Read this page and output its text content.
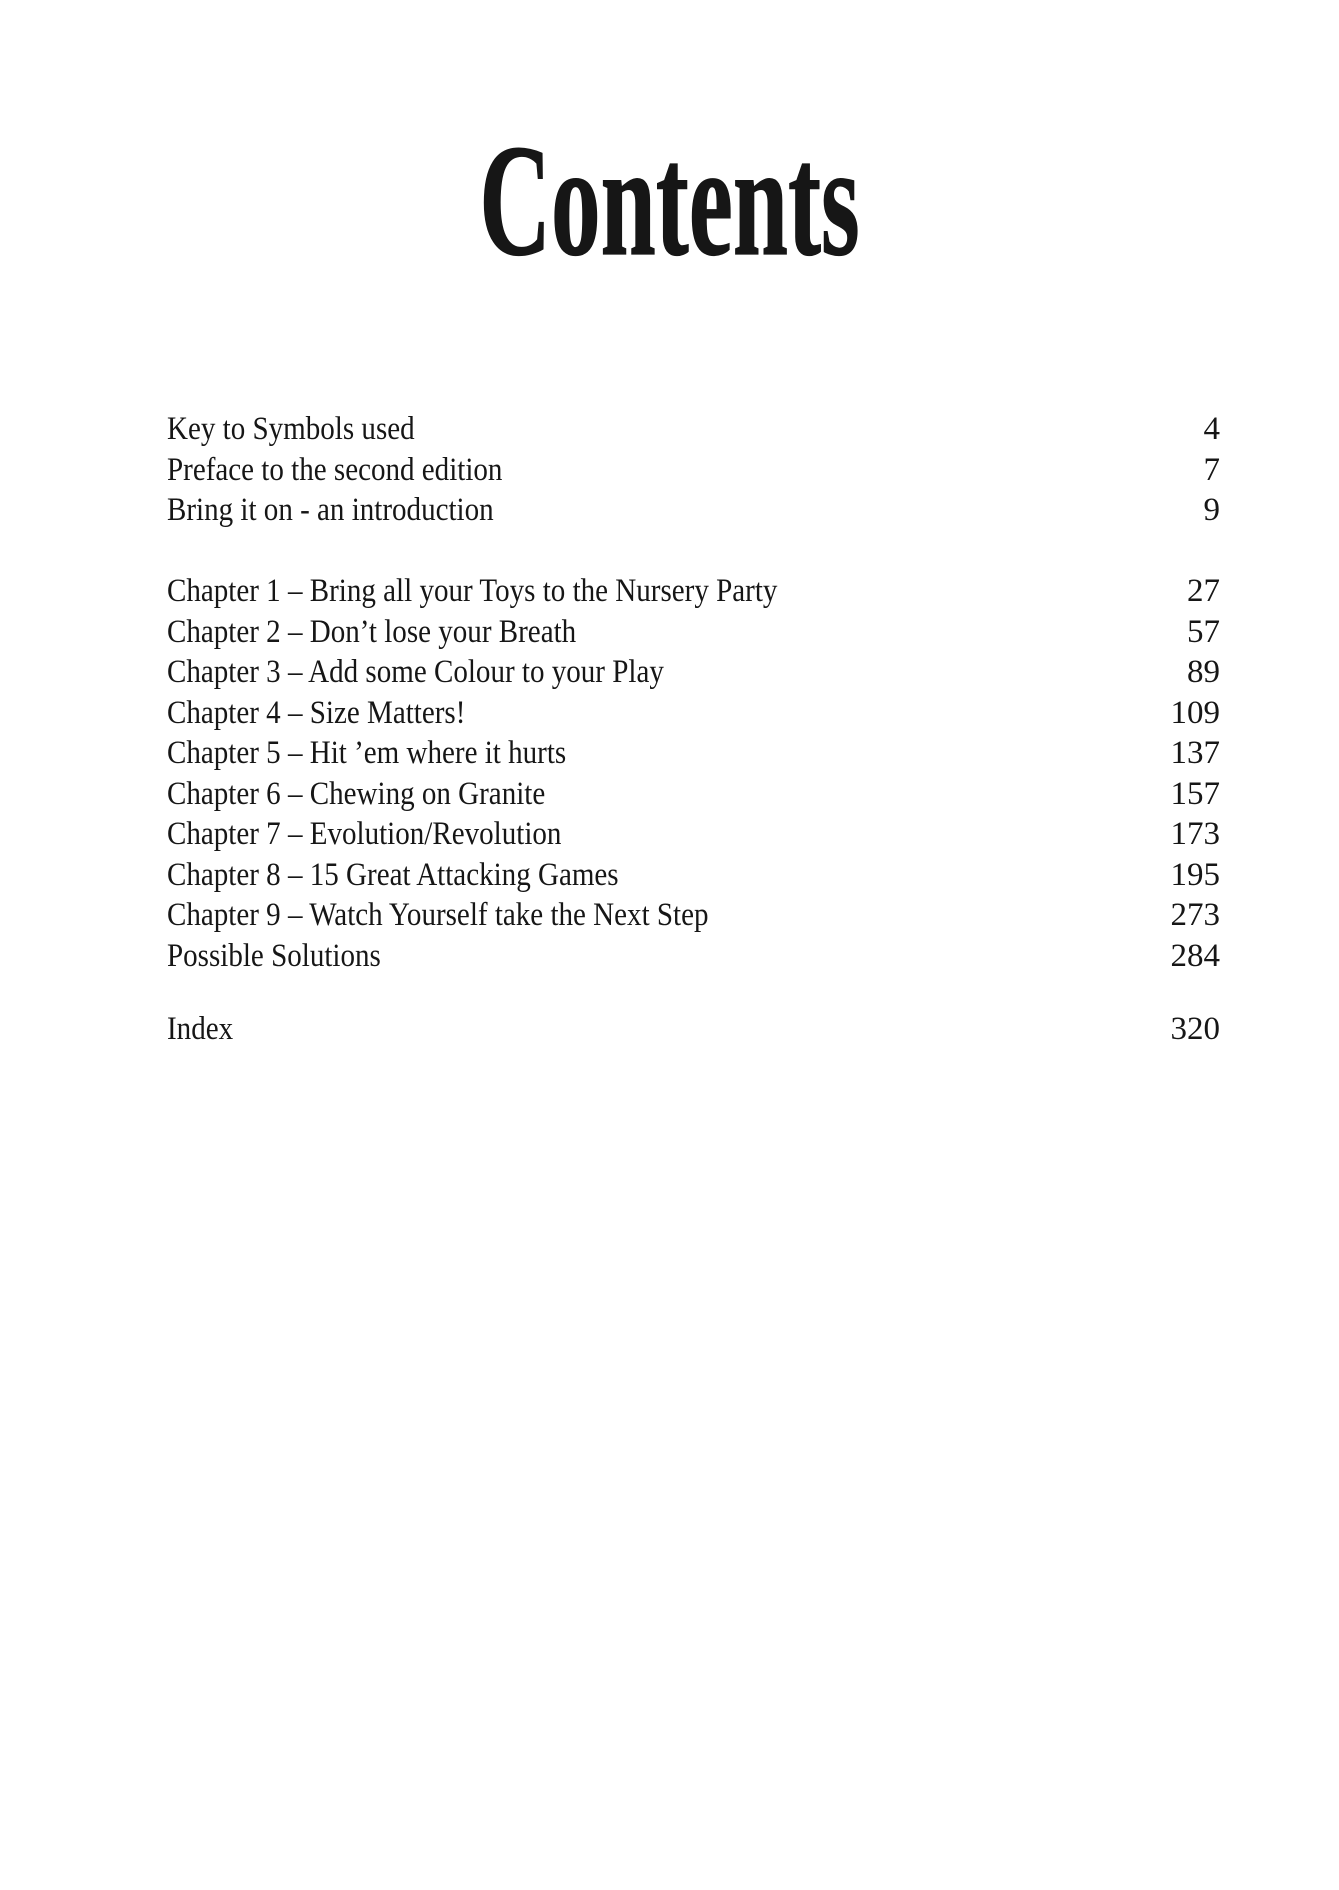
Contents
Key to Symbols used	4
Preface to the second edition	7
Bring it on - an introduction	9
Chapter 1 – Bring all your Toys to the Nursery Party	27
Chapter 2 – Don’t lose your Breath	57
Chapter 3 – Add some Colour to your Play	89
Chapter 4 – Size Matters!	109
Chapter 5 – Hit ’em where it hurts	137
Chapter 6 – Chewing on Granite	157
Chapter 7 – Evolution/Revolution	173
Chapter 8 – 15 Great Attacking Games	195
Chapter 9 – Watch Yourself take the Next Step	273
Possible Solutions	284
Index	320
